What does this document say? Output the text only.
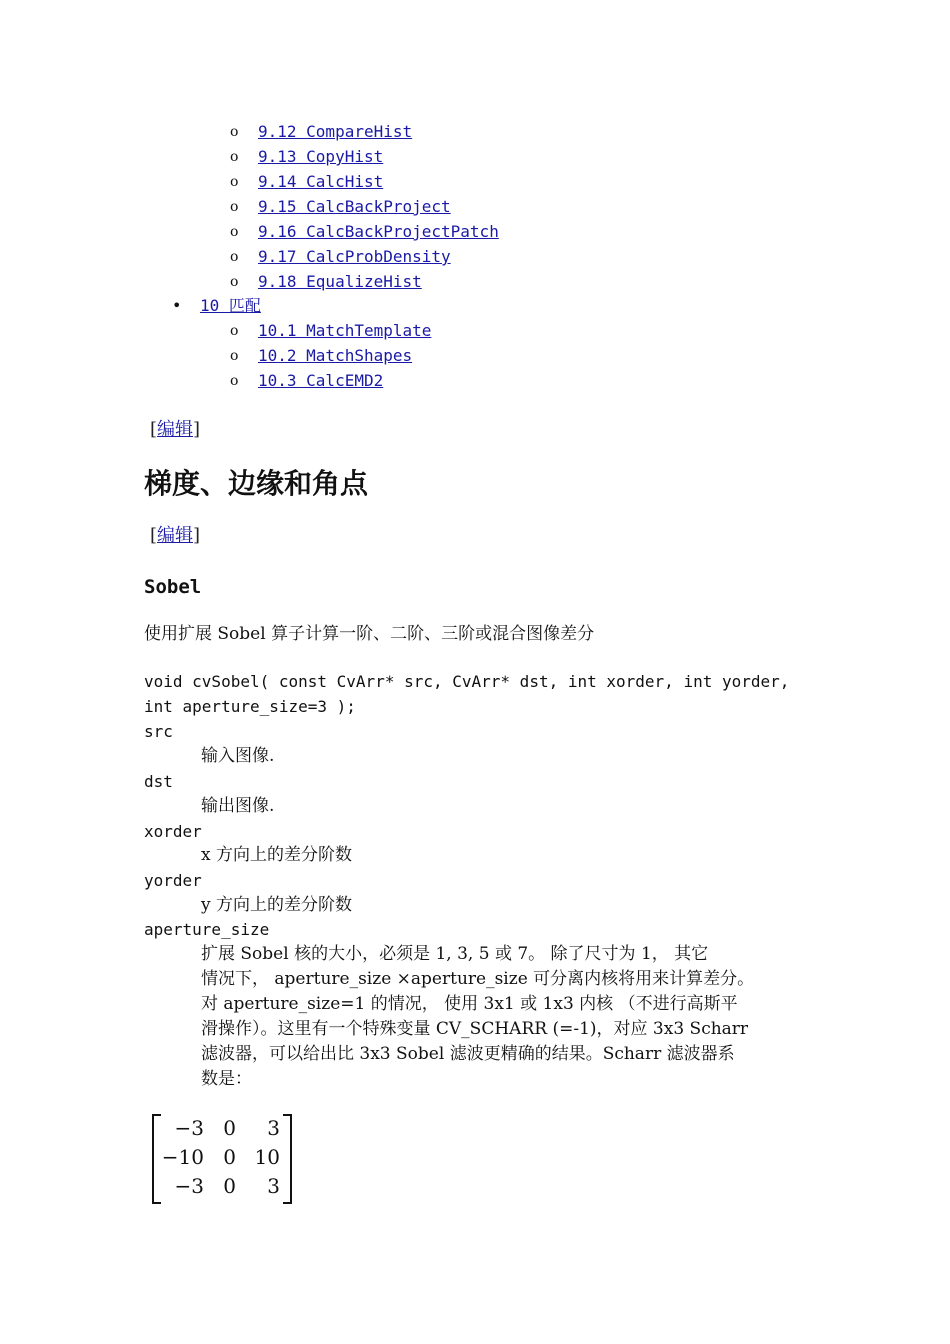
o 9.12 CompareHist
o 9.13 CopyHist
o 9.14 CalcHist
o 9.15 CalcBackProject
o 9.16 CalcBackProjectPatch
o 9.17 CalcProbDensity
o 9.18 EqualizeHist
• 10 匹配
o 10.1 MatchTemplate
o 10.2 MatchShapes
o 10.3 CalcEMD2
[编辑]
梯度、边缘和角点
[编辑]
Sobel
使用扩展 Sobel 算子计算一阶、二阶、三阶或混合图像差分
void cvSobel( const CvArr* src, CvArr* dst, int xorder, int yorder,
int aperture_size=3 );
src
输入图像.
dst
输出图像.
xorder
x 方向上的差分阶数
yorder
y 方向上的差分阶数
aperture_size
扩展 Sobel 核的大小，必须是 1, 3, 5 或 7。 除了尺寸为 1， 其它
情况下， aperture_size ×aperture_size 可分离内核将用来计算差分。
对 aperture_size=1 的情况， 使用 3x1 或 1x3 内核 （不进行高斯平
滑操作）。这里有一个特殊变量 CV_SCHARR (=-1)，对应 3x3 Scharr
滤波器，可以给出比 3x3 Sobel 滤波更精确的结果。Scharr 滤波器系
数是：
−3 0	3
−10 0 10
−3 0	3
